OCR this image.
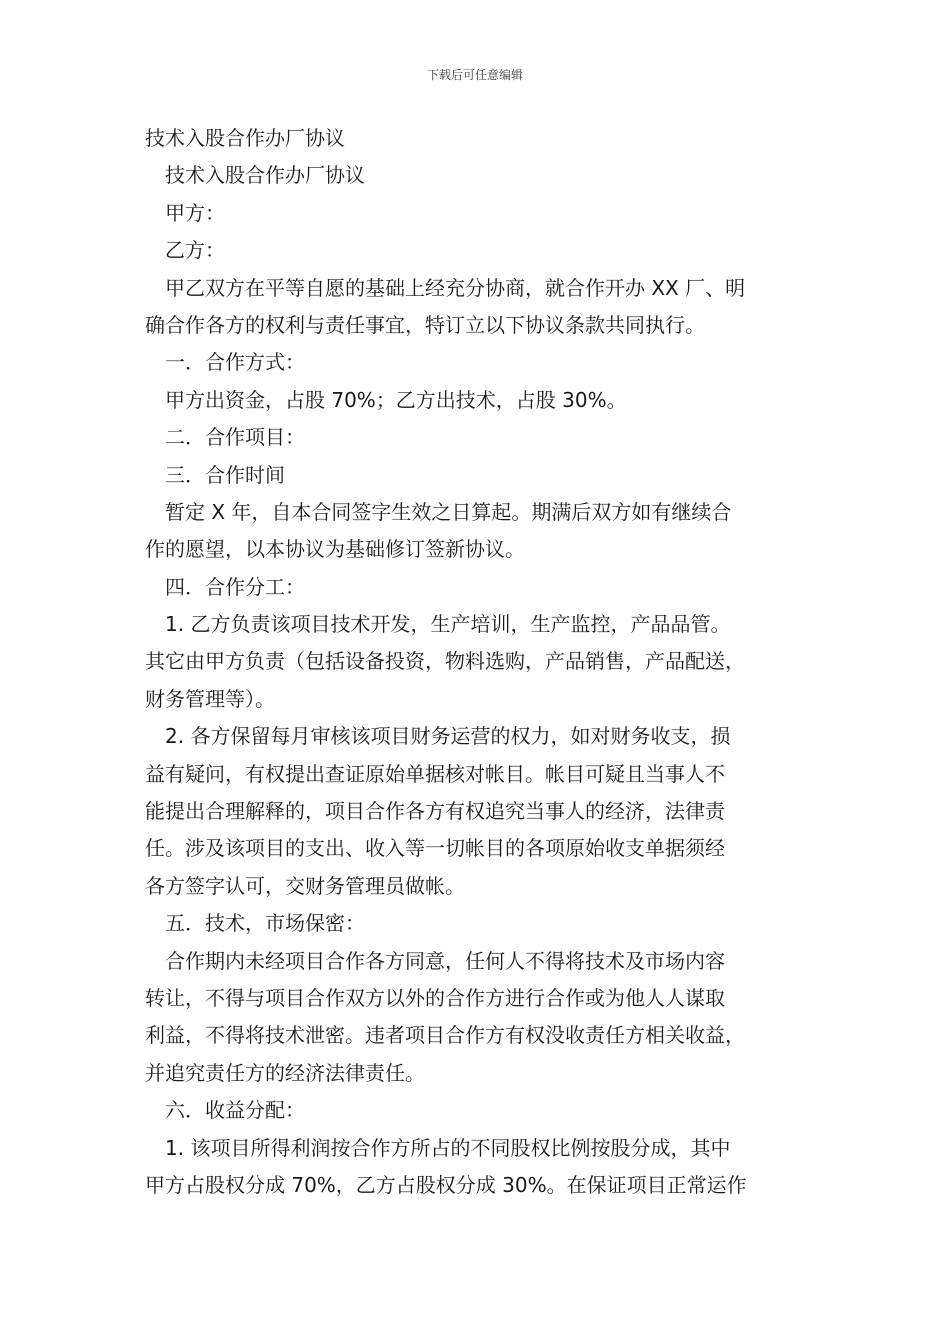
下载后可任意编辑
技术入股合作办厂协议
技术入股合作办厂协议
甲方：
乙方：
甲乙双方在平等自愿的基础上经充分协商，就合作开办 XX 厂、明
确合作各方的权利与责任事宜，特订立以下协议条款共同执行。
一．合作方式：
甲方出资金，占股 70%；乙方出技术，占股 30%。
二．合作项目：
三．合作时间
暂定 X 年，自本合同签字生效之日算起。期满后双方如有继续合
作的愿望，以本协议为基础修订签新协议。
四．合作分工：
1. 乙方负责该项目技术开发，生产培训，生产监控，产品品管。
其它由甲方负责（包括设备投资，物料选购，产品销售，产品配送，
财务管理等）。
2. 各方保留每月审核该项目财务运营的权力，如对财务收支，损
益有疑问，有权提出查证原始单据核对帐目。帐目可疑且当事人不
能提出合理解释的，项目合作各方有权追究当事人的经济，法律责
任。涉及该项目的支出、收入等一切帐目的各项原始收支单据须经
各方签字认可，交财务管理员做帐。
五．技术，市场保密：
合作期内未经项目合作各方同意，任何人不得将技术及市场内容
转让，不得与项目合作双方以外的合作方进行合作或为他人人谋取
利益，不得将技术泄密。违者项目合作方有权没收责任方相关收益，
并追究责任方的经济法律责任。
六．收益分配：
1. 该项目所得利润按合作方所占的不同股权比例按股分成，其中
甲方占股权分成 70%，乙方占股权分成 30%。在保证项目正常运作
